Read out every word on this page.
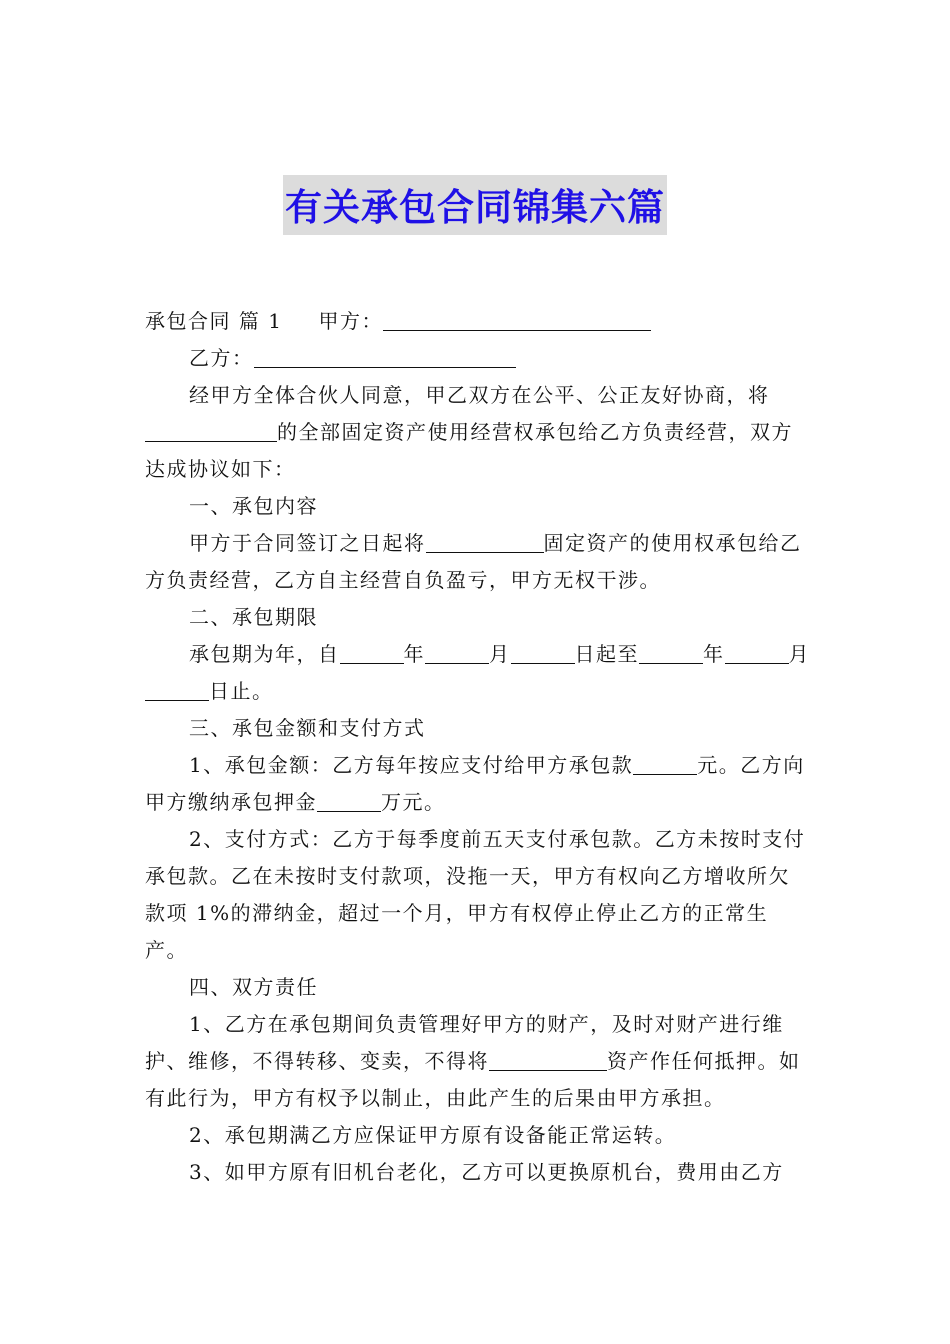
有关承包合同锦集六篇

承包合同 篇 1 甲方：

乙方：

经甲方全体合伙人同意，甲乙双方在公平、公正友好协商，将的全部固定资产使用经营权承包给乙方负责经营，双方达成协议如下：

一、承包内容

甲方于合同签订之日起将	固定资产的使用权承包给乙方负责经营，乙方自主经营自负盈亏，甲方无权干涉。

二、承包期限

承包期为年，自	年	月	日起至	年	月日止。

三、承包金额和支付方式

1、承包金额：乙方每年按应支付给甲方承包款	元。乙方向甲方缴纳承包押金	万元。

2、支付方式：乙方于每季度前五天支付承包款。乙方未按时支付承包款。乙在未按时支付款项，没拖一天，甲方有权向乙方增收所欠款项 1%的滞纳金，超过一个月，甲方有权停止停止乙方的正常生产。

四、双方责任

1、乙方在承包期间负责管理好甲方的财产，及时对财产进行维护、维修，不得转移、变卖，不得将	资产作任何抵押。如有此行为，甲方有权予以制止，由此产生的后果由甲方承担。

2、承包期满乙方应保证甲方原有设备能正常运转。

3、如甲方原有旧机台老化，乙方可以更换原机台，费用由乙方
